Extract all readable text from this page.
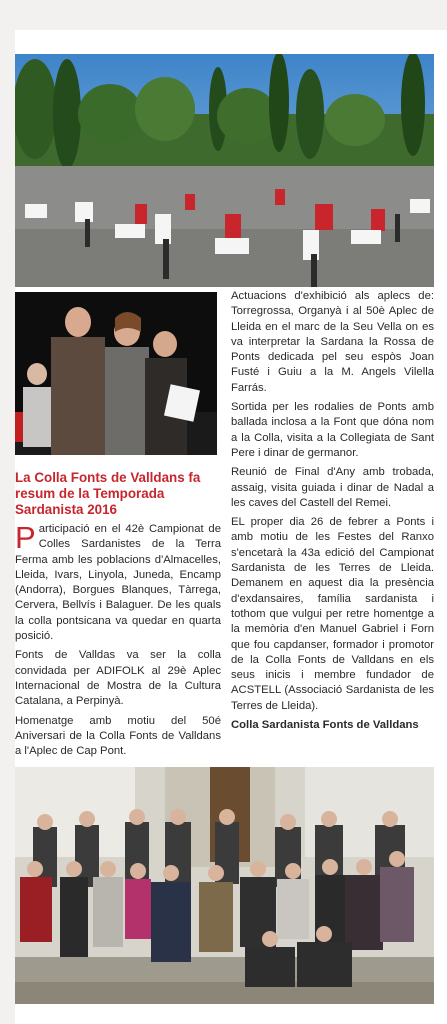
La Colla Fonts de Valldans fa resum de la Temporada Sardanista 2016

Participació en el 42è Campionat de Colles Sardanistes de la Terra Ferma amb les poblacions d'Almacelles, Lleida, Ivars, Linyola, Juneda, Encamp (Andorra), Borgues Blanques, Tàrrega, Cervera, Bellvís i Balaguer. De les quals la colla pontsicana va quedar en quarta posició.

Fonts de Valldas va ser la colla convidada per ADIFOLK al 29è Aplec Internacional de Mostra de la Cultura Catalana, a Perpinyà.

Homenatge amb motiu del 50é Aniversari de la Colla Fonts de Valldans a l'Aplec de Cap Pont.

Actuacions d'exhibició als aplecs de: Torregrossa, Organyà i al 50è Aplec de Lleida en el marc de la Seu Vella on es va interpretar la Sardana la Rossa de Ponts dedicada pel seu espòs Joan Fusté i Guiu a la M. Angels Vilella Farrás.

Sortida per les rodalies de Ponts amb ballada inclosa a la Font que dóna nom a la Colla, visita a la Collegiata de Sant Pere i dinar de germanor.

Reunió de Final d'Any amb trobada, assaig, visita guiada i dinar de Nadal a les caves del Castell del Remei.

EL proper dia 26 de febrer a Ponts i amb motiu de les Festes del Ranxo s'encetarà la 43a edició del Campionat Sardanista de les Terres de Lleida. Demanem en aquest dia la presència d'exdansaires, família sardanista i tothom que vulgui per retre homentge a la memòria d'en Manuel Gabriel i Forn que fou capdanser, formador i promotor de la Colla Fonts de Valldans en els seus inicis i membre fundador de ACSTELL (Associació Sardanista de les Terres de Lleida).

Colla Sardanista Fonts de Valldans
